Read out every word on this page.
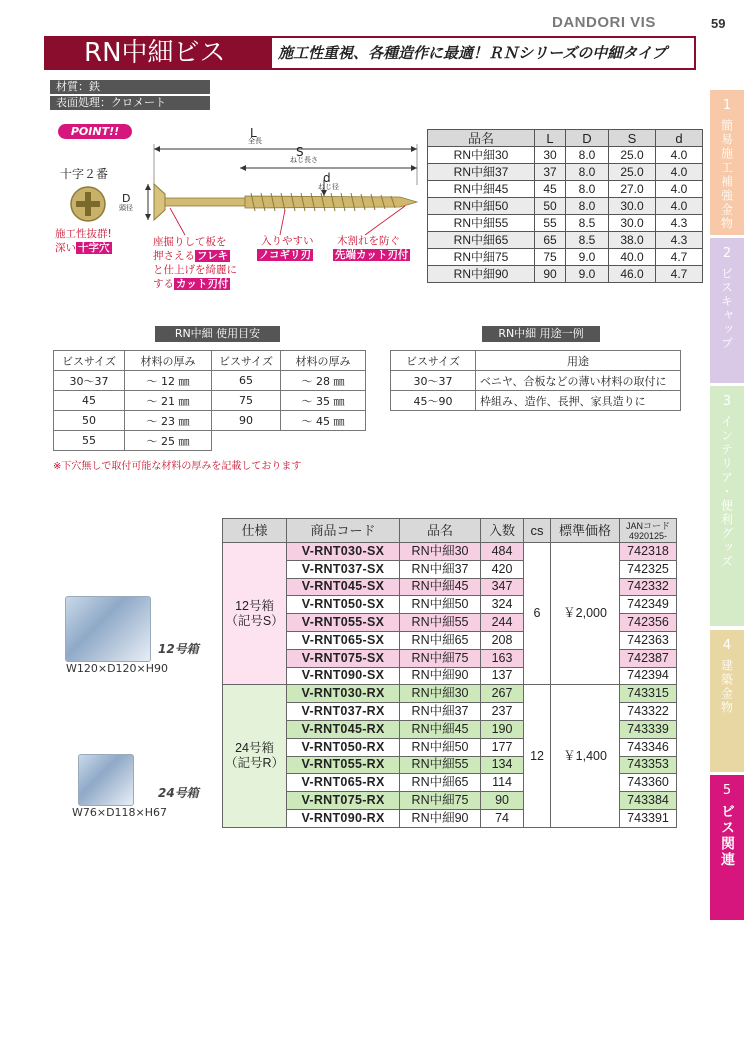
DANDORI VIS	59
RN中細ビス	施工性重視、各種造作に最適！ＲＮシリーズの中細タイプ
材質：鉄
表面処理：クロメート
POINT!!
十字２番
L
全長
S
ねじ長さ
d
ねじ径
D
頭径
施工性抜群!
深い 十字穴	座掘りして板を
押さえる フレキ
と仕上げを綺麗に
する カット刃付
入りやすい
ノコギリ刃
木割れを防ぐ
先端カット刃付
品名	L	D	S	d
RN中細30	30	8.0	25.0	4.0
RN中細37	37	8.0	25.0	4.0
RN中細45	45	8.0	27.0	4.0
RN中細50	50	8.0	30.0	4.0
RN中細55	55	8.5	30.0	4.3
RN中細65	65	8.5	38.0	4.3
RN中細75	75	9.0	40.0	4.7
RN中細90	90	9.0	46.0	4.7
RN中細 使用目安
ビスサイズ	材料の厚み	ビスサイズ	材料の厚み
30〜37	〜 12 ㎜	65	〜 28 ㎜
45	〜 21 ㎜	75	〜 35 ㎜
50	〜 23 ㎜	90	〜 45 ㎜
55	〜 25 ㎜		
RN中細 用途一例
ビスサイズ	用途
30〜37	ベニヤ、合板などの薄い材料の取付に
45〜90	枠組み、造作、長押、家具造りに
※下穴無しで取付可能な材料の厚みを記載しております
12号箱
W120×D120×H90
24号箱
W76×D118×H67
仕様	商品コード	品名	入数	cs	標準価格	JANコード
4920125-

12号箱
（記号S）	V-RNT030-SX	RN中細30	484	6	￥2,000	742318
	V-RNT037-SX	RN中細37	420			742325
	V-RNT045-SX	RN中細45	347			742332
	V-RNT050-SX	RN中細50	324			742349
	V-RNT055-SX	RN中細55	244			742356
	V-RNT065-SX	RN中細65	208			742363
	V-RNT075-SX	RN中細75	163			742387
	V-RNT090-SX	RN中細90	137			742394

24号箱
（記号R）	V-RNT030-RX	RN中細30	267	12	￥1,400	743315
	V-RNT037-RX	RN中細37	237			743322
	V-RNT045-RX	RN中細45	190			743339
	V-RNT050-RX	RN中細50	177			743346
	V-RNT055-RX	RN中細55	134			743353
	V-RNT065-RX	RN中細65	114			743360
	V-RNT075-RX	RN中細75	90			743384
	V-RNT090-RX	RN中細90	74			743391
1
簡易施工補強金物
2
ビスキャップ
3
インテリア・便利グッズ
4
建築金物
5
ビス関連
